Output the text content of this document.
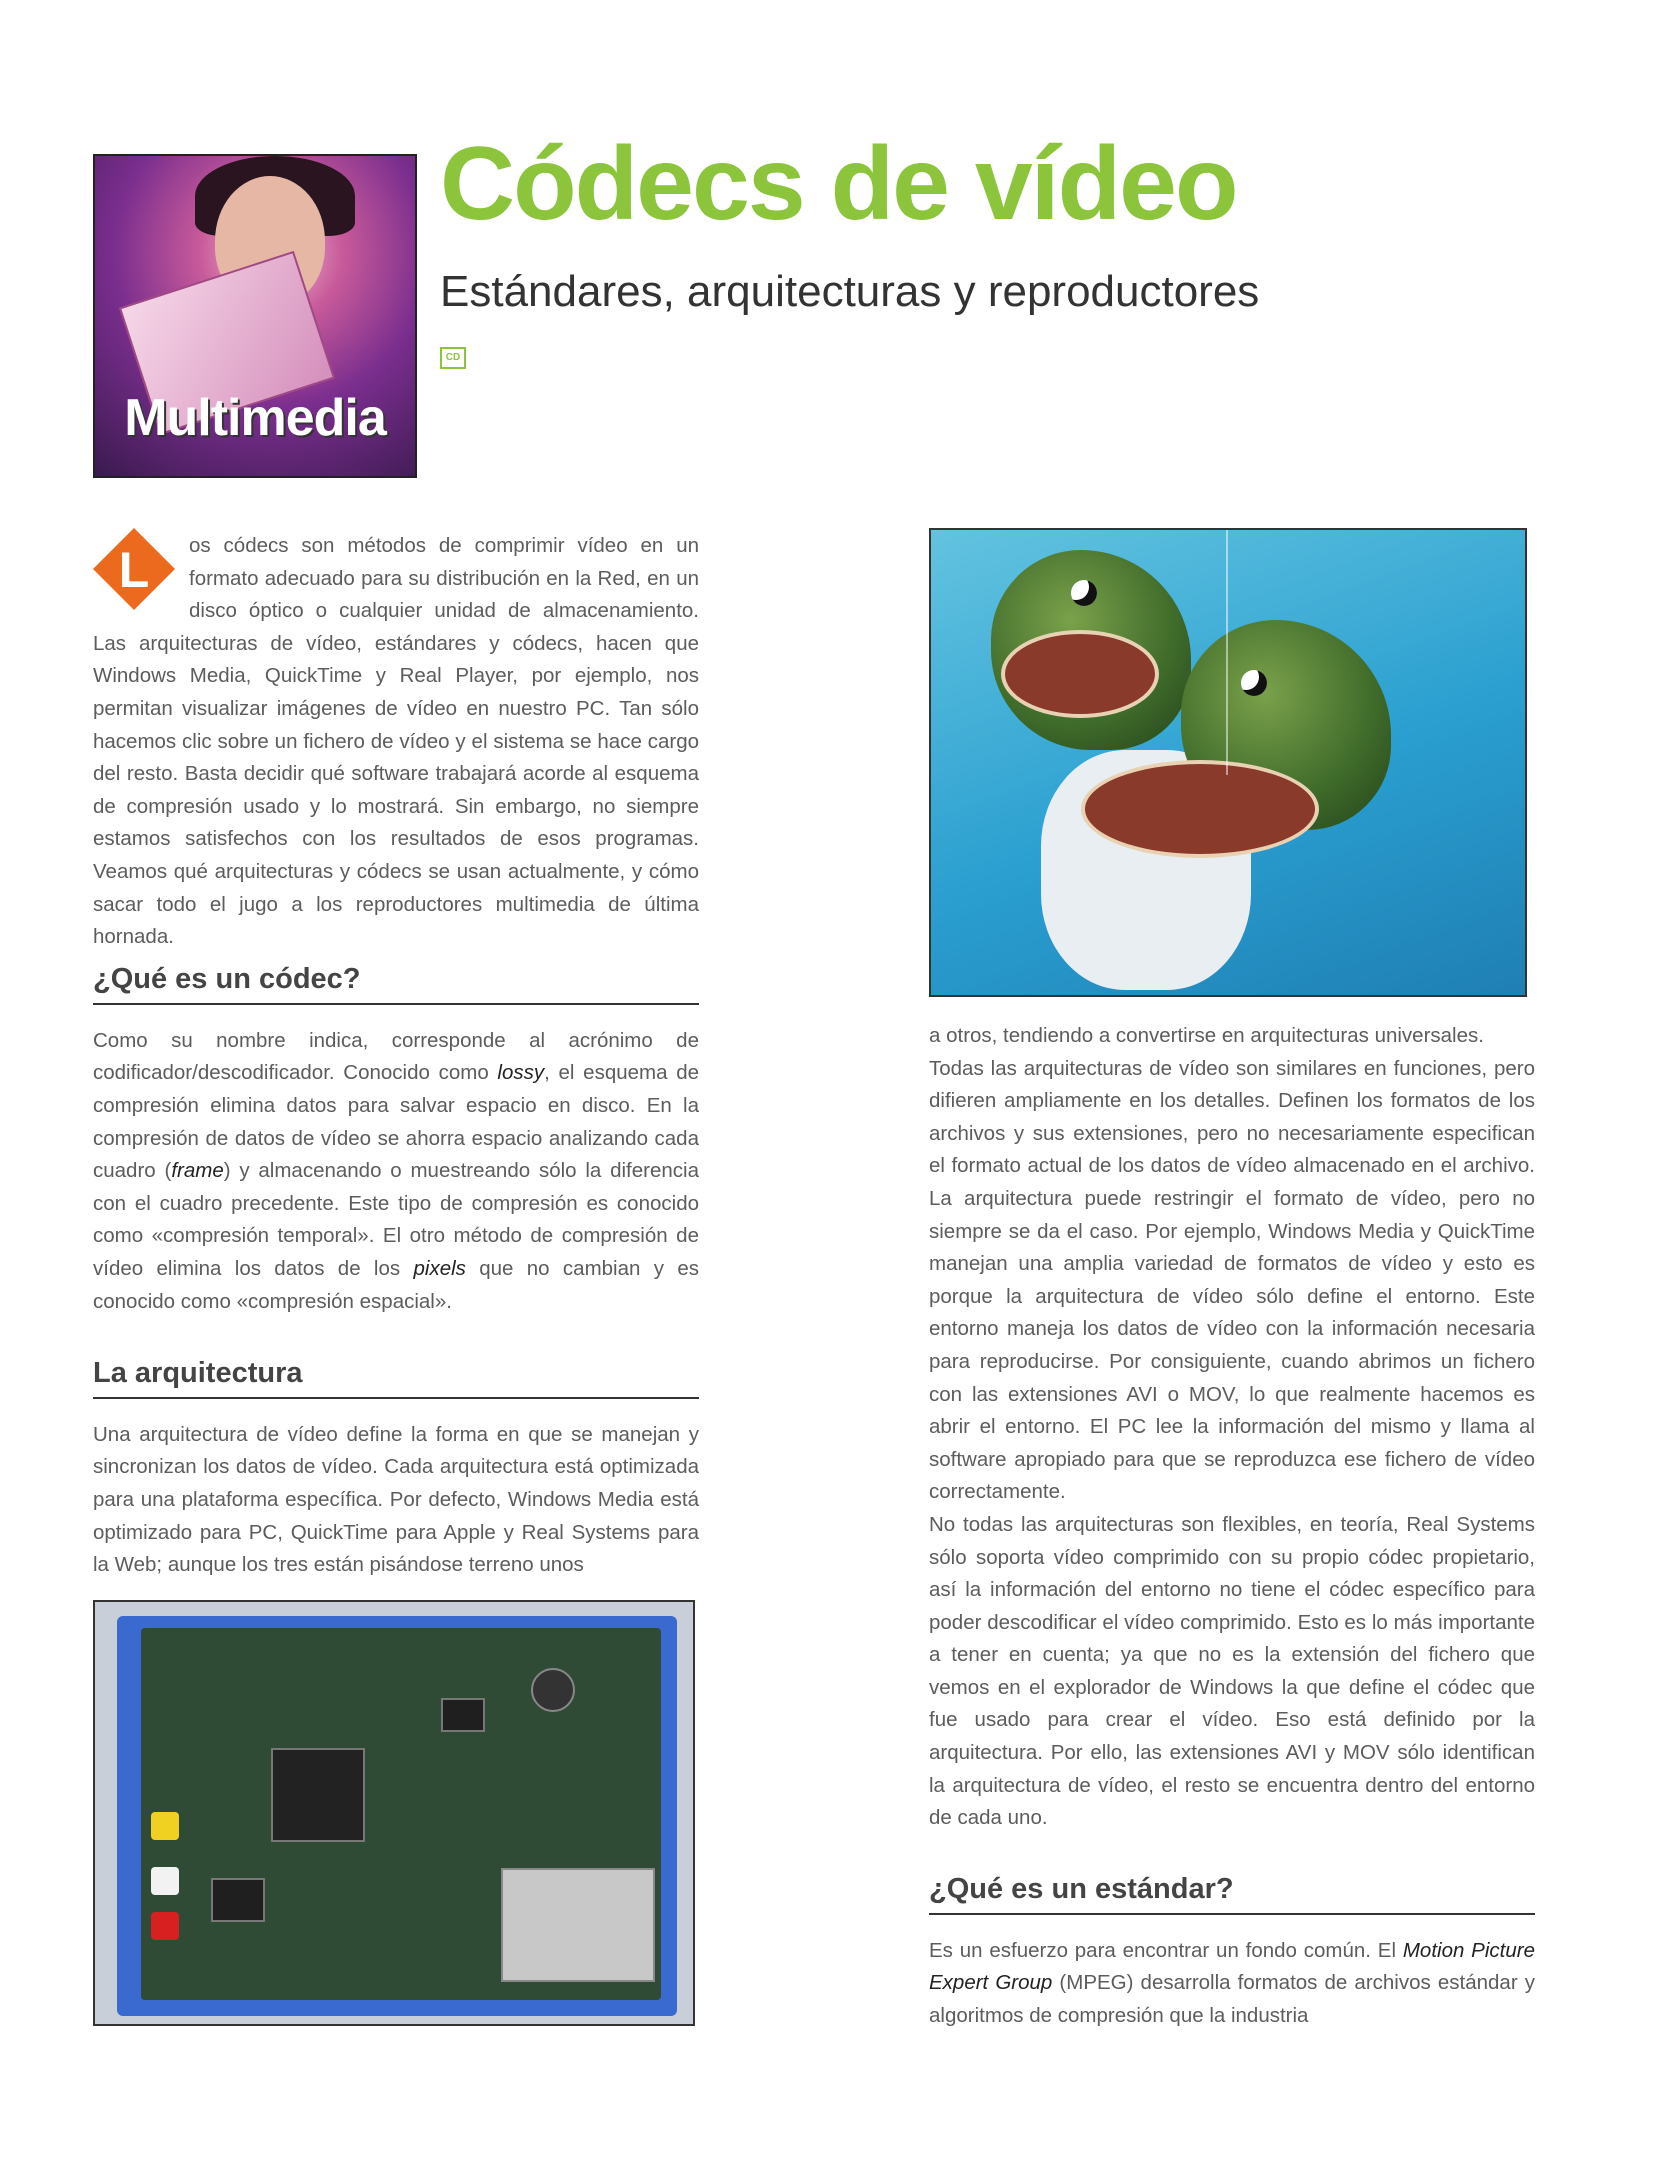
Multimedia
Códecs de vídeo
Estándares, arquitecturas y reproductores
CD

L	os códecs son métodos de comprimir vídeo en un formato adecuado para su distribución en la Red, en un disco óptico o cualquier unidad de almacenamiento. Las arquitecturas de vídeo, estándares y códecs, hacen que Windows Media, QuickTime y Real Player, por ejemplo, nos permitan visualizar imágenes de vídeo en nuestro PC. Tan sólo hacemos clic sobre un fichero de vídeo y el sistema se hace cargo del resto. Basta decidir qué software trabajará acorde al esquema de compresión usado y lo mostrará. Sin embargo, no siempre estamos satisfechos con los resultados de esos programas. Veamos qué arquitecturas y códecs se usan actualmente, y cómo sacar todo el jugo a los reproductores multimedia de última hornada.

¿Qué es un códec?

Como su nombre indica, corresponde al acrónimo de codificador/descodificador. Conocido como lossy, el esquema de compresión elimina datos para salvar espacio en disco. En la compresión de datos de vídeo se ahorra espacio analizando cada cuadro (frame) y almacenando o muestreando sólo la diferencia con el cuadro precedente. Este tipo de compresión es conocido como «compresión temporal». El otro método de compresión de vídeo elimina los datos de los pixels que no cambian y es conocido como «compresión espacial».

La arquitectura

Una arquitectura de vídeo define la forma en que se manejan y sincronizan los datos de vídeo. Cada arquitectura está optimizada para una plataforma específica. Por defecto, Windows Media está optimizado para PC, QuickTime para Apple y Real Systems para la Web; aunque los tres están pisándose terreno unos

a otros, tendiendo a convertirse en arquitecturas universales.

Todas las arquitecturas de vídeo son similares en funciones, pero difieren ampliamente en los detalles. Definen los formatos de los archivos y sus extensiones, pero no necesariamente especifican el formato actual de los datos de vídeo almacenado en el archivo. La arquitectura puede restringir el formato de vídeo, pero no siempre se da el caso. Por ejemplo, Windows Media y QuickTime manejan una amplia variedad de formatos de vídeo y esto es porque la arquitectura de vídeo sólo define el entorno. Este entorno maneja los datos de vídeo con la información necesaria para reproducirse. Por consiguiente, cuando abrimos un fichero con las extensiones AVI o MOV, lo que realmente hacemos es abrir el entorno. El PC lee la información del mismo y llama al software apropiado para que se reproduzca ese fichero de vídeo correctamente.

No todas las arquitecturas son flexibles, en teoría, Real Systems sólo soporta vídeo comprimido con su propio códec propietario, así la información del entorno no tiene el códec específico para poder descodificar el vídeo comprimido. Esto es lo más importante a tener en cuenta; ya que no es la extensión del fichero que vemos en el explorador de Windows la que define el códec que fue usado para crear el vídeo. Eso está definido por la arquitectura. Por ello, las extensiones AVI y MOV sólo identifican la arquitectura de vídeo, el resto se encuentra dentro del entorno de cada uno.

¿Qué es un estándar?

Es un esfuerzo para encontrar un fondo común. El Motion Picture Expert Group (MPEG) desarrolla formatos de archivos estándar y algoritmos de compresión que la industria
